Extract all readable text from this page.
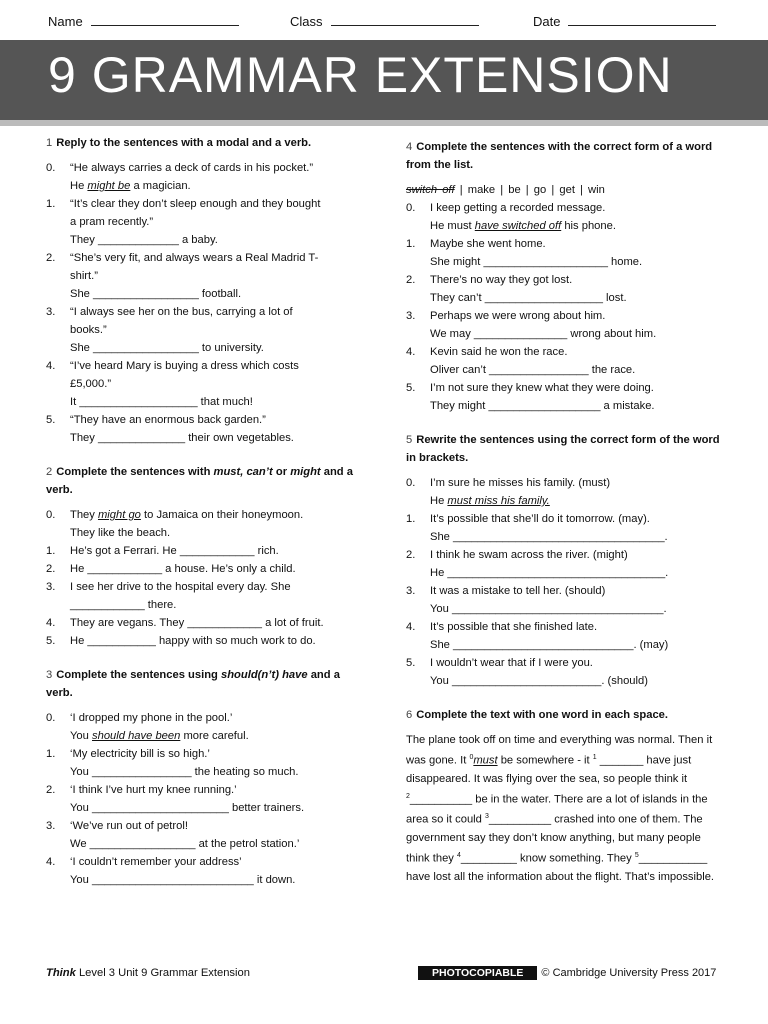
Name	Class	Date
9 GRAMMAR EXTENSION
1 Reply to the sentences with a modal and a verb.
0. “He always carries a deck of cards in his pocket.”
He might be a magician.
1. “It’s clear they don’t sleep enough and they bought
a pram recently.”
They _____________ a baby.
2. “She’s very fit, and always wears a Real Madrid T-
shirt.”
She _________________ football.
3. “I always see her on the bus, carrying a lot of
books.”
She _________________ to university.
4. “I’ve heard Mary is buying a dress which costs
£5,000.”
It ___________________ that much!
5. “They have an enormous back garden.”
They ______________ their own vegetables.
2 Complete the sentences with must, can’t or might and a verb.
0. They might go to Jamaica on their honeymoon.
They like the beach.
1. He’s got a Ferrari. He ____________ rich.
2. He ____________ a house. He’s only a child.
3. I see her drive to the hospital every day. She
____________ there.
4. They are vegans. They ____________ a lot of fruit.
5. He ___________ happy with so much work to do.
3 Complete the sentences using should(n’t) have and a verb.
0. ‘I dropped my phone in the pool.’
You should have been more careful.
1. ‘My electricity bill is so high.’
You ________________ the heating so much.
2. ‘I think I’ve hurt my knee running.’
You ______________________ better trainers.
3. ‘We’ve run out of petrol!
We _________________ at the petrol station.’
4. ‘I couldn’t remember your address’
You __________________________ it down.
4 Complete the sentences with the correct form of a word from the list.
switch off | make | be | go | get | win
0. I keep getting a recorded message.
He must have switched off his phone.
1. Maybe she went home.
She might ____________________ home.
2. There’s no way they got lost.
They can’t ___________________ lost.
3. Perhaps we were wrong about him.
We may _______________ wrong about him.
4. Kevin said he won the race.
Oliver can’t ________________ the race.
5. I’m not sure they knew what they were doing.
They might __________________ a mistake.
5 Rewrite the sentences using the correct form of the word in brackets.
0. I’m sure he misses his family. (must)
He must miss his family.
1. It’s possible that she’ll do it tomorrow. (may).
She __________________________________.
2. I think he swam across the river. (might)
He ___________________________________.
3. It was a mistake to tell her. (should)
You __________________________________.
4. It’s possible that she finished late.
She _____________________________. (may)
5. I wouldn’t wear that if I were you.
You ________________________. (should)
6 Complete the text with one word in each space.
The plane took off on time and everything was normal. Then it was gone. It $^0$must be somewhere - it $^1$ _______ have just disappeared. It was flying over the sea, so people think it $^2$__________ be in the water. There are a lot of islands in the area so it could $^3$__________ crashed into one of them. The government say they don’t know anything, but many people think they $^4$_________ know something. They $^5$___________ have lost all the information about the flight. That’s impossible.
Think Level 3 Unit 9 Grammar Extension	PHOTOCOPIABLE © Cambridge University Press 2017
